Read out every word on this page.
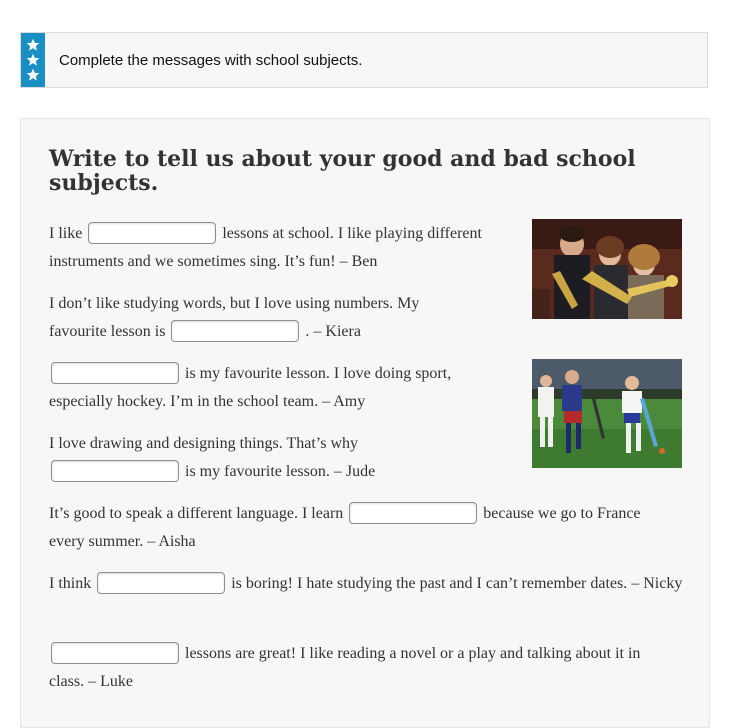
Complete the messages with school subjects.
Write to tell us about your good and bad school subjects.

I like	lessons at school. I like playing different instruments and we sometimes sing. It’s fun! – Ben

I don’t like studying words, but I love using numbers. My favourite lesson is	. – Kiera

is my favourite lesson. I love doing sport, especially hockey. I’m in the school team. – Amy

I love drawing and designing things. That’s why  is my favourite lesson. – Jude

It’s good to speak a different language. I learn	because we go to France every summer. – Aisha

I think	is boring! I hate studying the past and I can’t remember dates. – Nicky

lessons are great! I like reading a novel or a play and talking about it in class. – Luke
